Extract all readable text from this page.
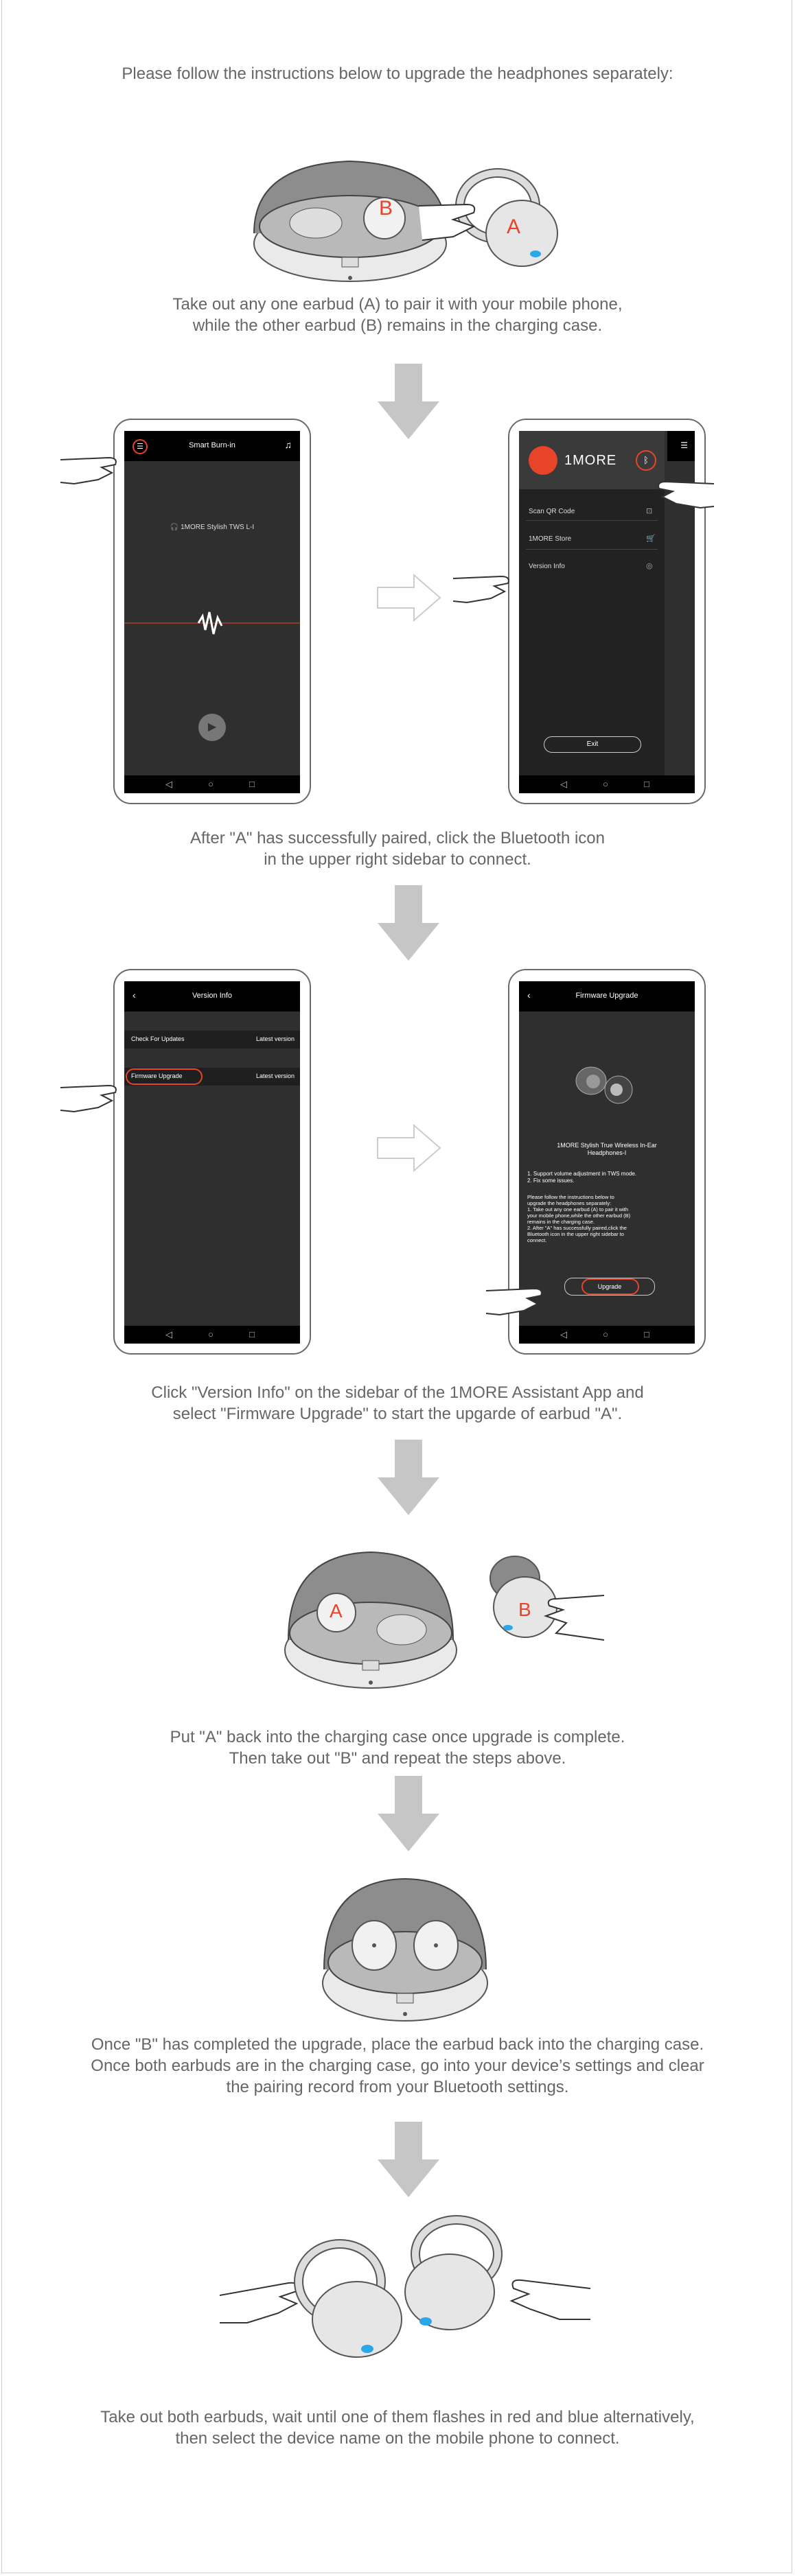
Please follow the instructions below to upgrade the headphones separately:
B
A
Take out any one earbud (A) to pair it with your mobile phone,
while the other earbud (B) remains in the charging case.
☰	Smart Burn-in	♫
🎧 1MORE Stylish TWS L-I
▶
◁	○	□
☰
1MORE	ᛒ
Scan QR Code	⊡
1MORE Store	🛒
Version Info	◎
Exit
◁	○	□
After "A" has successfully paired, click the Bluetooth icon
in the upper right sidebar to connect.
‹	Version Info
Check For Updates	Latest version
Firmware Upgrade	Latest version
◁	○	□
‹	Firmware Upgrade
1MORE Stylish True Wireless In-Ear
Headphones-I
1. Support volume adjustment in TWS mode.
2. Fix some issues.
Please follow the instructions below to
upgrade the headphones separately:
1. Take out any one earbud (A) to pair it with
your mobile phone,while the other earbud (B)
remains in the charging case.
2. After "A" has successfully paired,click the
Bluetooth icon in the upper right sidebar to
connect.
Upgrade
◁	○	□
Click "Version Info" on the sidebar of the 1MORE Assistant App and
select "Firmware Upgrade" to start the upgarde of earbud "A".
A	B
Put "A" back into the charging case once upgrade is complete.
Then take out "B" and repeat the steps above.
Once "B" has completed the upgrade, place the earbud back into the charging case.
Once both earbuds are in the charging case, go into your device’s settings and clear
the pairing record from your Bluetooth settings.
Take out both earbuds, wait until one of them flashes in red and blue alternatively,
then select the device name on the mobile phone to connect.
